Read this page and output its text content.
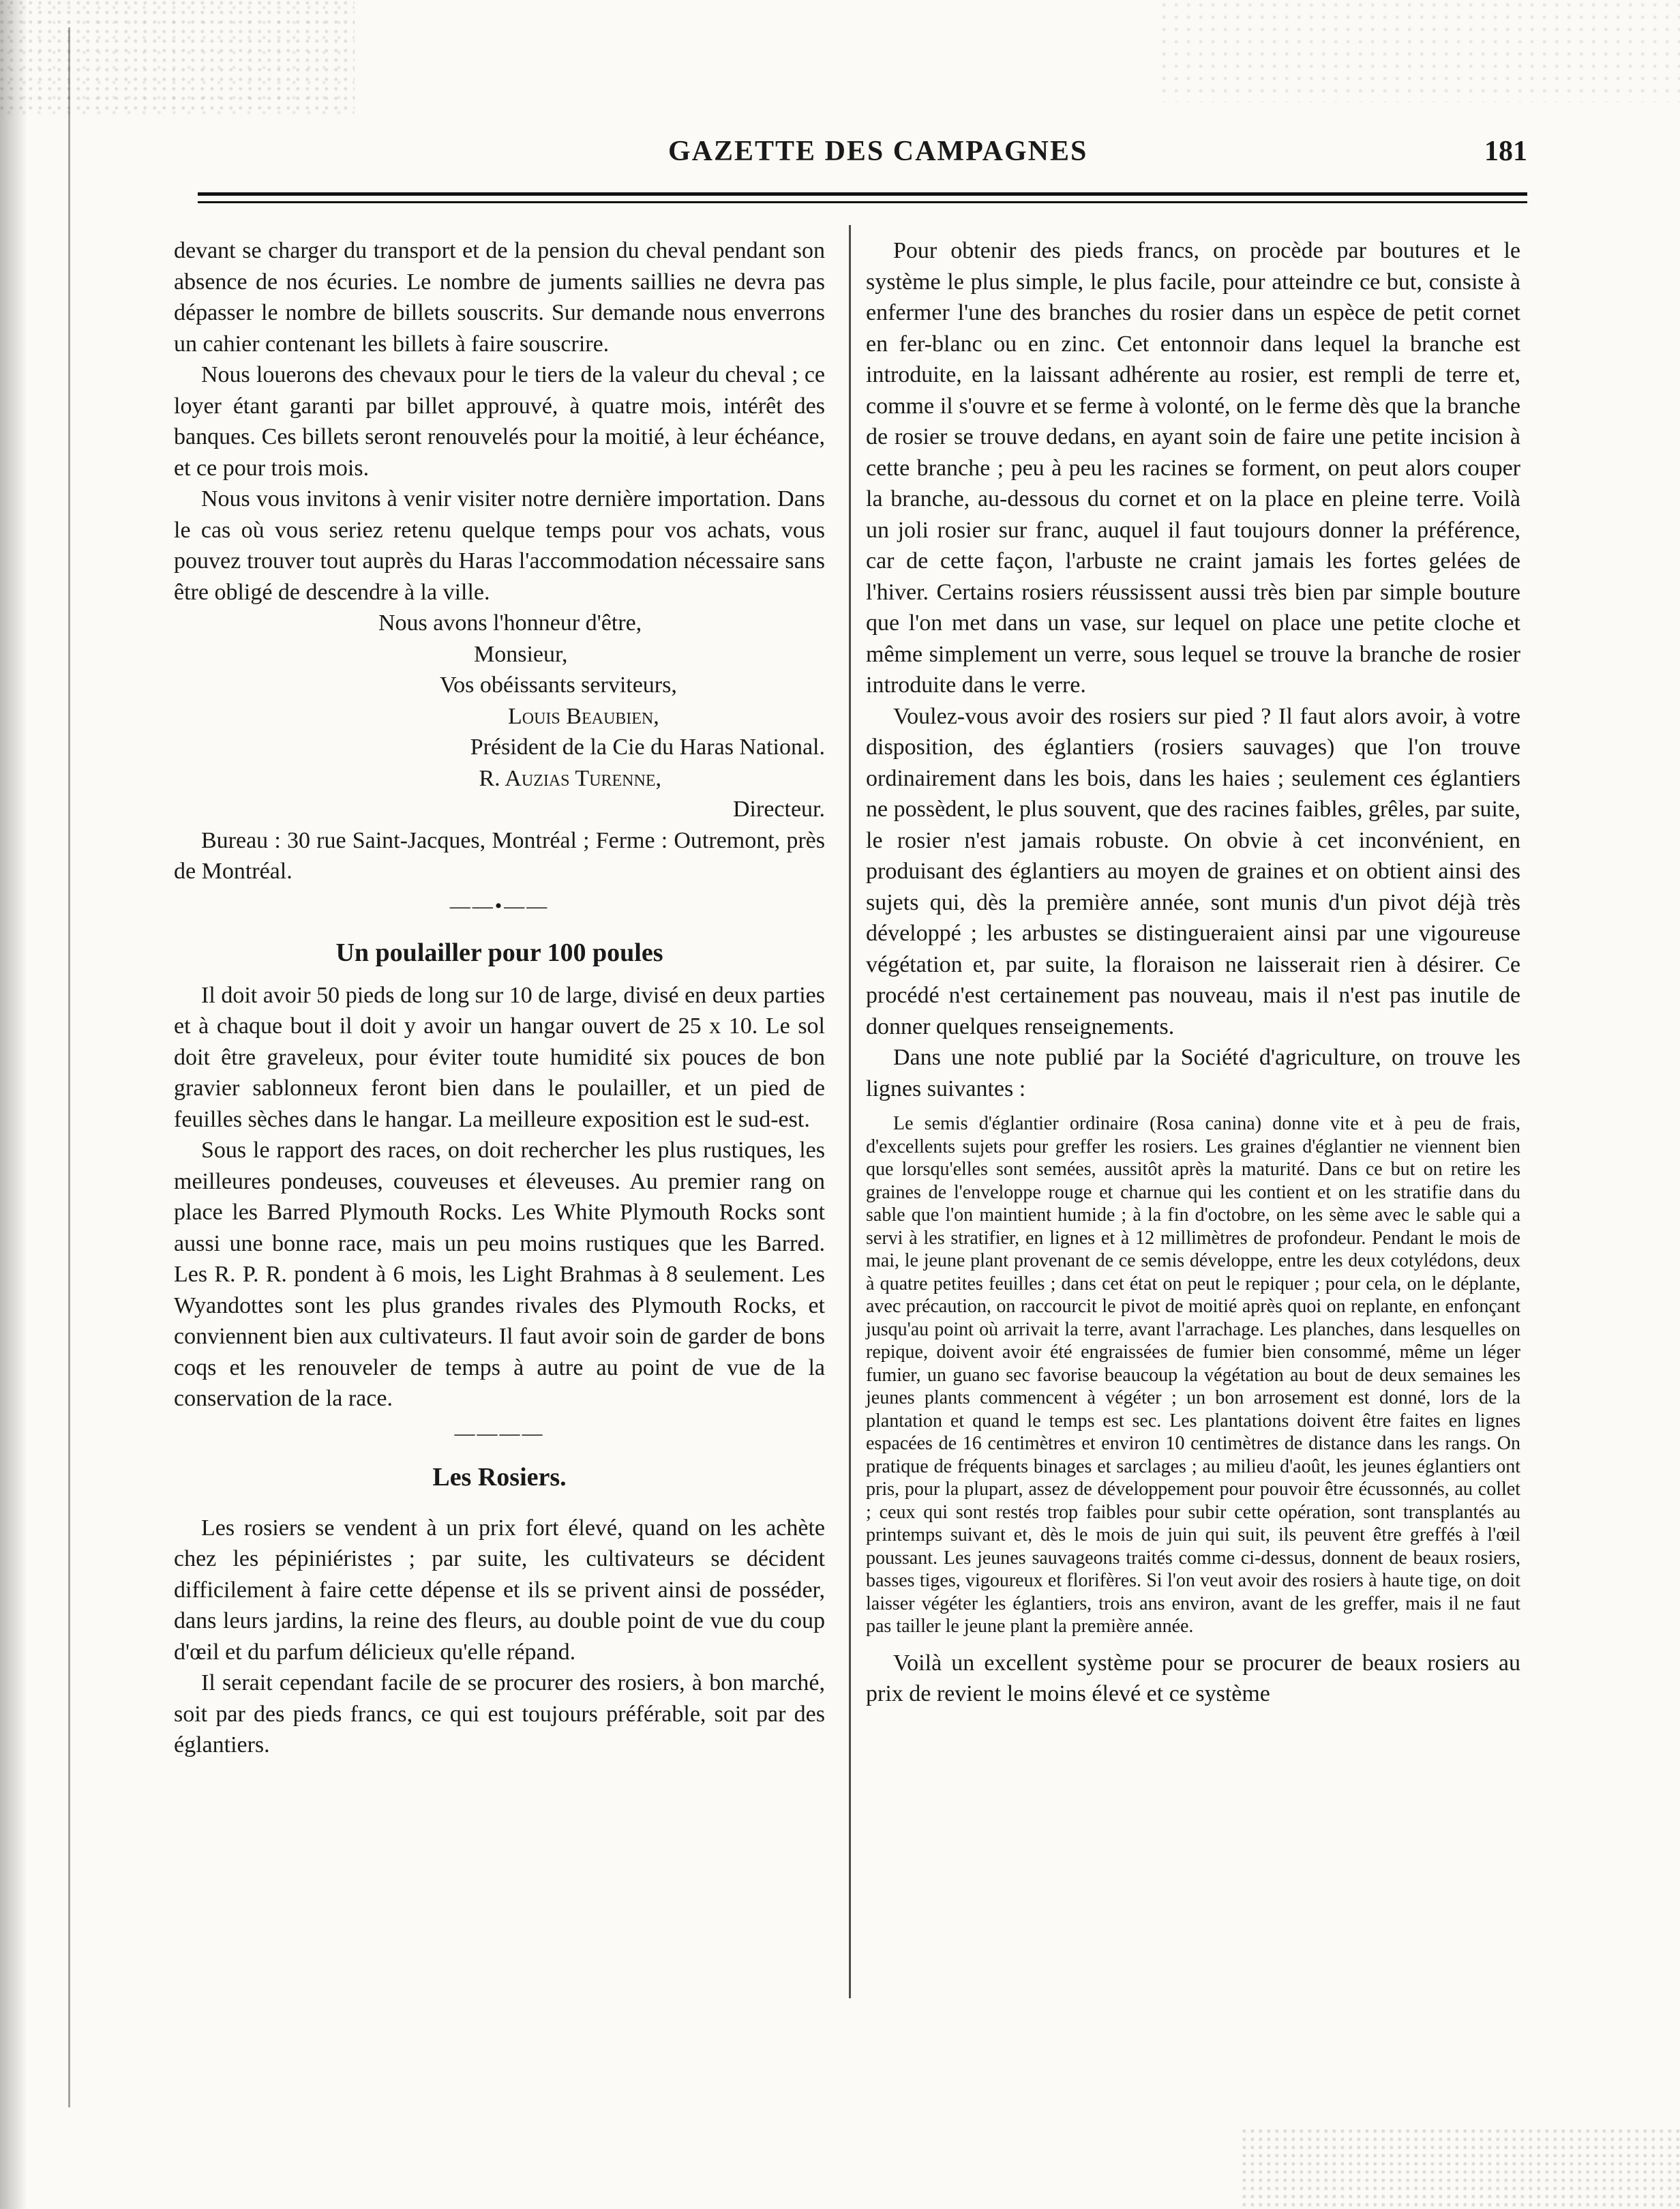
GAZETTE DES CAMPAGNES	181

devant se charger du transport et de la pension du cheval pendant son absence de nos écuries. Le nombre de juments saillies ne devra pas dépasser le nombre de billets souscrits. Sur demande nous enverrons un cahier contenant les billets à faire souscrire.

Nous louerons des chevaux pour le tiers de la valeur du cheval ; ce loyer étant garanti par billet approuvé, à quatre mois, intérêt des banques. Ces billets seront renouvelés pour la moitié, à leur échéance, et ce pour trois mois.

Nous vous invitons à venir visiter notre dernière importation. Dans le cas où vous seriez retenu quelque temps pour vos achats, vous pouvez trouver tout auprès du Haras l'accommodation nécessaire sans être obligé de descendre à la ville.

Nous avons l'honneur d'être,

Monsieur,

Vos obéissants serviteurs,

Louis Beaubien,

Président de la Cie du Haras National.

R. Auzias Turenne,

Directeur.

Bureau : 30 rue Saint-Jacques, Montréal ; Ferme : Outremont, près de Montréal.

——•——
Un poulailler pour 100 poules

Il doit avoir 50 pieds de long sur 10 de large, divisé en deux parties et à chaque bout il doit y avoir un hangar ouvert de 25 x 10. Le sol doit être graveleux, pour éviter toute humidité six pouces de bon gravier sablonneux feront bien dans le poulailler, et un pied de feuilles sèches dans le hangar. La meilleure exposition est le sud-est.

Sous le rapport des races, on doit rechercher les plus rustiques, les meilleures pondeuses, couveuses et éleveuses. Au premier rang on place les Barred Plymouth Rocks. Les White Plymouth Rocks sont aussi une bonne race, mais un peu moins rustiques que les Barred. Les R. P. R. pondent à 6 mois, les Light Brahmas à 8 seulement. Les Wyandottes sont les plus grandes rivales des Plymouth Rocks, et conviennent bien aux cultivateurs. Il faut avoir soin de garder de bons coqs et les renouveler de temps à autre au point de vue de la conservation de la race.

————
Les Rosiers.

Les rosiers se vendent à un prix fort élevé, quand on les achète chez les pépiniéristes ; par suite, les cultivateurs se décident difficilement à faire cette dépense et ils se privent ainsi de posséder, dans leurs jardins, la reine des fleurs, au double point de vue du coup d'œil et du parfum délicieux qu'elle répand.

Il serait cependant facile de se procurer des rosiers, à bon marché, soit par des pieds francs, ce qui est toujours préférable, soit par des églantiers.

Pour obtenir des pieds francs, on procède par boutures et le système le plus simple, le plus facile, pour atteindre ce but, consiste à enfermer l'une des branches du rosier dans un espèce de petit cornet en fer-blanc ou en zinc. Cet entonnoir dans lequel la branche est introduite, en la laissant adhérente au rosier, est rempli de terre et, comme il s'ouvre et se ferme à volonté, on le ferme dès que la branche de rosier se trouve dedans, en ayant soin de faire une petite incision à cette branche ; peu à peu les racines se forment, on peut alors couper la branche, au-dessous du cornet et on la place en pleine terre. Voilà un joli rosier sur franc, auquel il faut toujours donner la préférence, car de cette façon, l'arbuste ne craint jamais les fortes gelées de l'hiver. Certains rosiers réussissent aussi très bien par simple bouture que l'on met dans un vase, sur lequel on place une petite cloche et même simplement un verre, sous lequel se trouve la branche de rosier introduite dans le verre.

Voulez-vous avoir des rosiers sur pied ? Il faut alors avoir, à votre disposition, des églantiers (rosiers sauvages) que l'on trouve ordinairement dans les bois, dans les haies ; seulement ces églantiers ne possèdent, le plus souvent, que des racines faibles, grêles, par suite, le rosier n'est jamais robuste. On obvie à cet inconvénient, en produisant des églantiers au moyen de graines et on obtient ainsi des sujets qui, dès la première année, sont munis d'un pivot déjà très développé ; les arbustes se distingueraient ainsi par une vigoureuse végétation et, par suite, la floraison ne laisserait rien à désirer. Ce procédé n'est certainement pas nouveau, mais il n'est pas inutile de donner quelques renseignements.

Dans une note publié par la Société d'agriculture, on trouve les lignes suivantes :

Le semis d'églantier ordinaire (Rosa canina) donne vite et à peu de frais, d'excellents sujets pour greffer les rosiers. Les graines d'églantier ne viennent bien que lorsqu'elles sont semées, aussitôt après la maturité. Dans ce but on retire les graines de l'enveloppe rouge et charnue qui les contient et on les stratifie dans du sable que l'on maintient humide ; à la fin d'octobre, on les sème avec le sable qui a servi à les stratifier, en lignes et à 12 millimètres de profondeur. Pendant le mois de mai, le jeune plant provenant de ce semis développe, entre les deux cotylédons, deux à quatre petites feuilles ; dans cet état on peut le repiquer ; pour cela, on le déplante, avec précaution, on raccourcit le pivot de moitié après quoi on replante, en enfonçant jusqu'au point où arrivait la terre, avant l'arrachage. Les planches, dans lesquelles on repique, doivent avoir été engraissées de fumier bien consommé, même un léger fumier, un guano sec favorise beaucoup la végétation au bout de deux semaines les jeunes plants commencent à végéter ; un bon arrosement est donné, lors de la plantation et quand le temps est sec. Les plantations doivent être faites en lignes espacées de 16 centimètres et environ 10 centimètres de distance dans les rangs. On pratique de fréquents binages et sarclages ; au milieu d'août, les jeunes églantiers ont pris, pour la plupart, assez de développement pour pouvoir être écussonnés, au collet ; ceux qui sont restés trop faibles pour subir cette opération, sont transplantés au printemps suivant et, dès le mois de juin qui suit, ils peuvent être greffés à l'œil poussant. Les jeunes sauvageons traités comme ci-dessus, donnent de beaux rosiers, basses tiges, vigoureux et florifères. Si l'on veut avoir des rosiers à haute tige, on doit laisser végéter les églantiers, trois ans environ, avant de les greffer, mais il ne faut pas tailler le jeune plant la première année.

Voilà un excellent système pour se procurer de beaux rosiers au prix de revient le moins élevé et ce système
